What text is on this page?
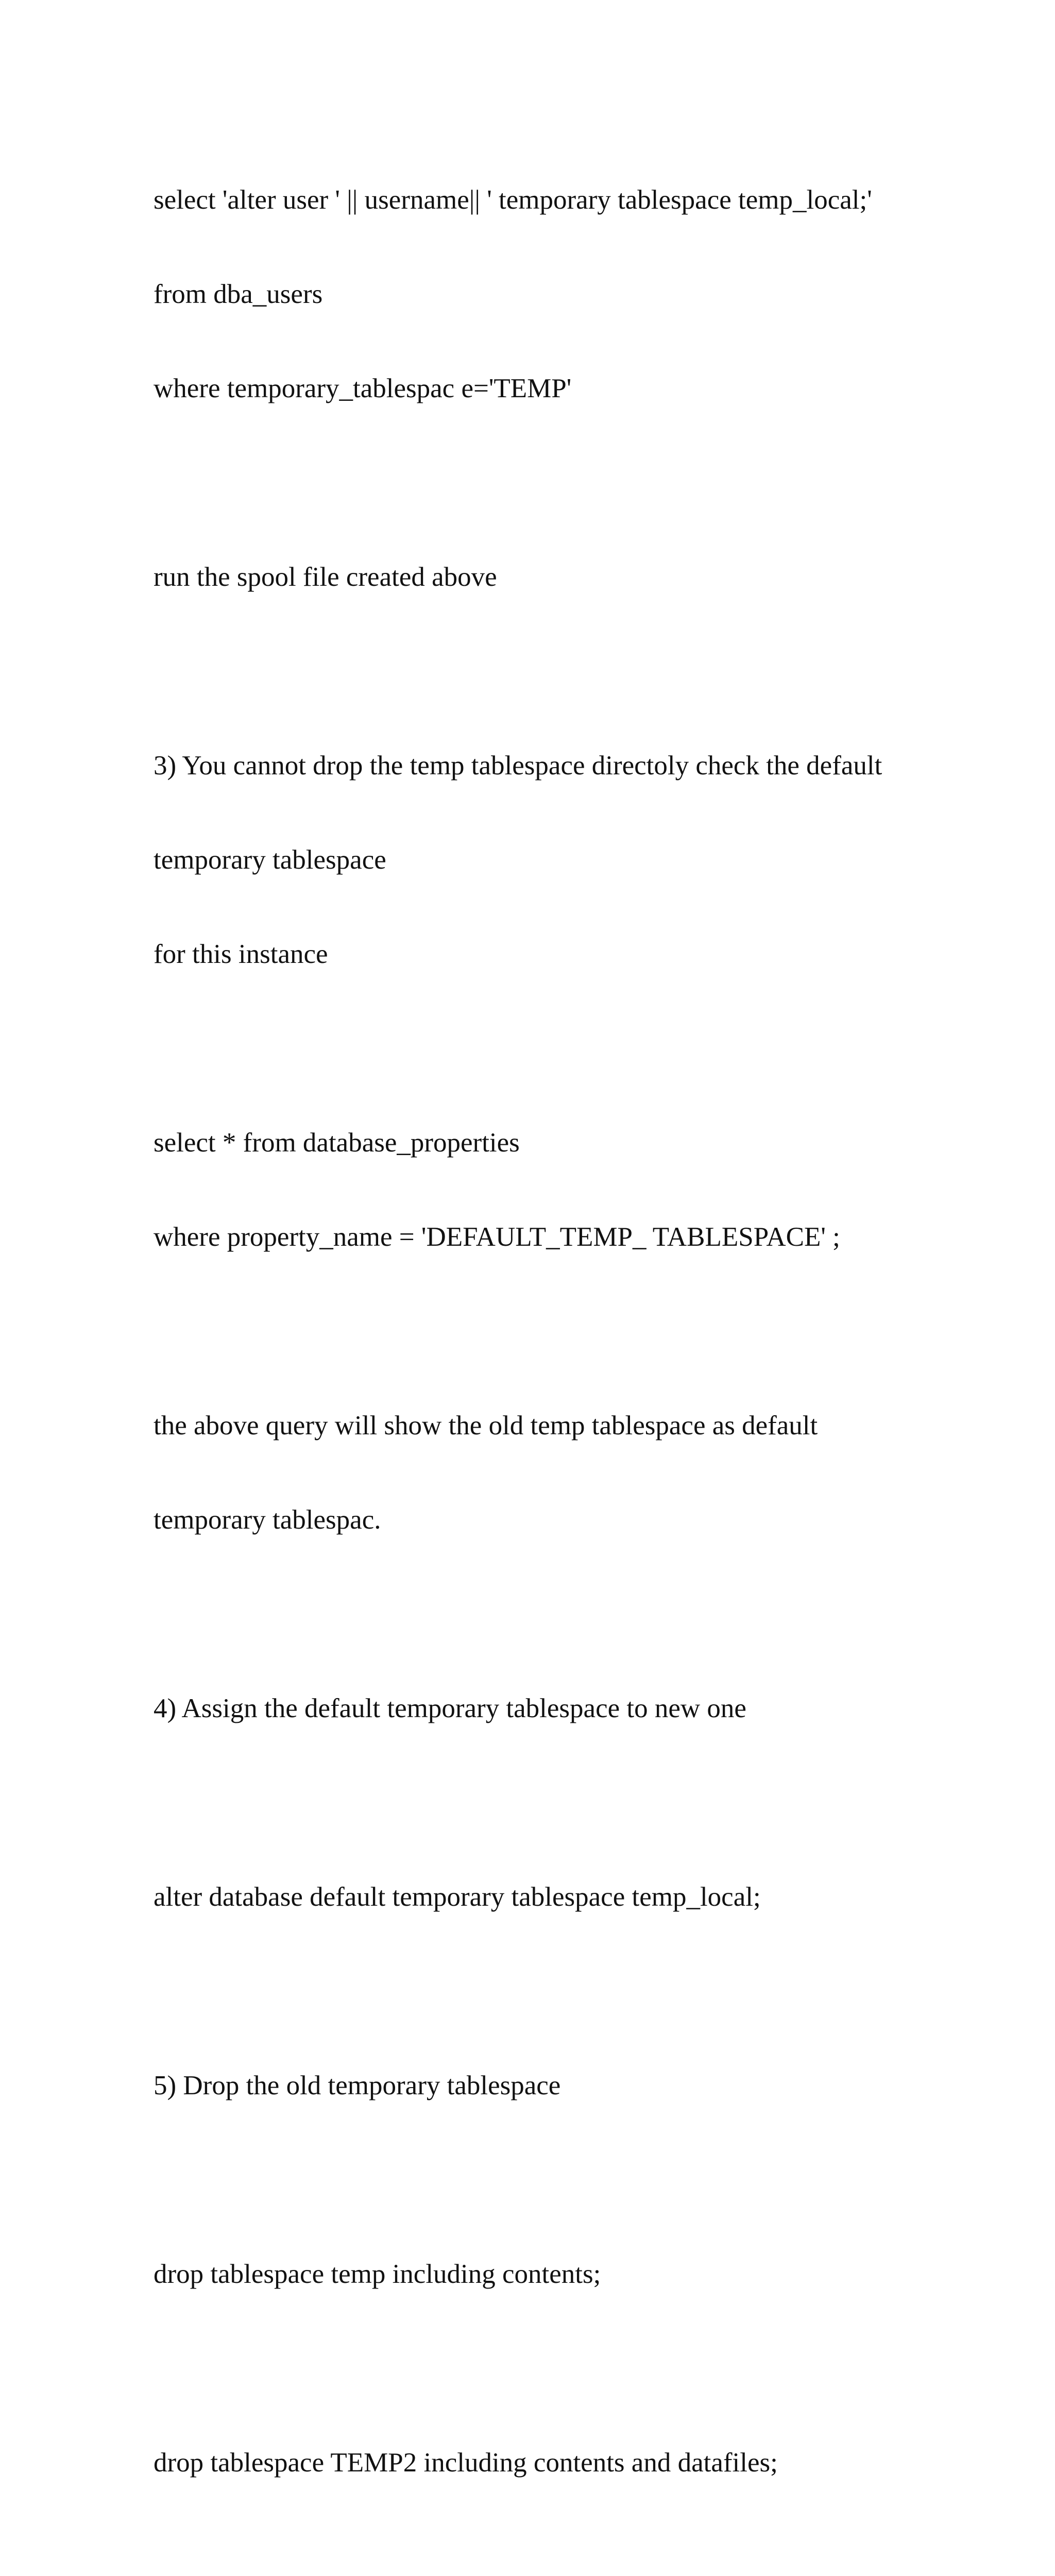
select 'alter user ' || username|| ' temporary tablespace temp_local;'

from dba_users

where temporary_tablespac e='TEMP'

run the spool file created above

3) You cannot drop the temp tablespace directoly check the default

temporary tablespace

for this instance

select * from database_properties

where property_name = 'DEFAULT_TEMP_ TABLESPACE' ;

the above query will show the old temp tablespace as default

temporary tablespac.

4) Assign the default temporary tablespace to new one

alter database default temporary tablespace temp_local;

5) Drop the old temporary tablespace

drop tablespace temp including contents;

drop tablespace TEMP2 including contents and datafiles;
